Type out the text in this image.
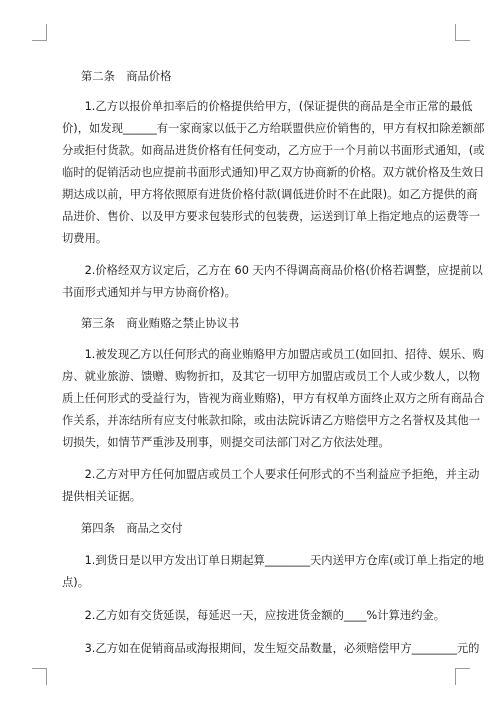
第二条　商品价格
　　1.乙方以报价单扣率后的价格提供给甲方，(保证提供的商品是全市正常的最低
价)，如发现______有一家商家以低于乙方给联盟供应价销售的，甲方有权扣除差额部
分或拒付货款。如商品进货价格有任何变动，乙方应于一个月前以书面形式通知，(或
临时的促销活动也应提前书面形式通知)甲乙双方协商新的价格。双方就价格及生效日
期达成以前，甲方将依照原有进货价格付款(调低进价时不在此限)。如乙方提供的商
品进价、售价、以及甲方要求包装形式的包装费，运送到订单上指定地点的运费等一
切费用。
　　2.价格经双方议定后，乙方在 60 天内不得调高商品价格(价格若调整，应提前以
书面形式通知并与甲方协商价格)。
第三条　商业贿赂之禁止协议书
　　1.被发现乙方以任何形式的商业贿赂甲方加盟店或员工(如回扣、招待、娱乐、购
房、就业旅游、馈赠、购物折扣，及其它一切甲方加盟店或员工个人或少数人，以物
质上任何形式的受益行为，皆视为商业贿赂)，甲方有权单方面终止双方之所有商品合
作关系，并冻结所有应支付帐款扣除，或由法院诉请乙方赔偿甲方之名誉权及其他一
切损失，如情节严重涉及刑事，则提交司法部门对乙方依法处理。
　　2.乙方对甲方任何加盟店或员工个人要求任何形式的不当利益应予拒绝，并主动
提供相关证据。
第四条　商品之交付
　　1.到货日是以甲方发出订单日期起算________天内送甲方仓库(或订单上指定的地
点)。
　　2.乙方如有交货延误，每延迟一天，应按进货金额的____%计算违约金。
　　3.乙方如在促销商品或海报期间，发生短交品数量，必须赔偿甲方________元的
